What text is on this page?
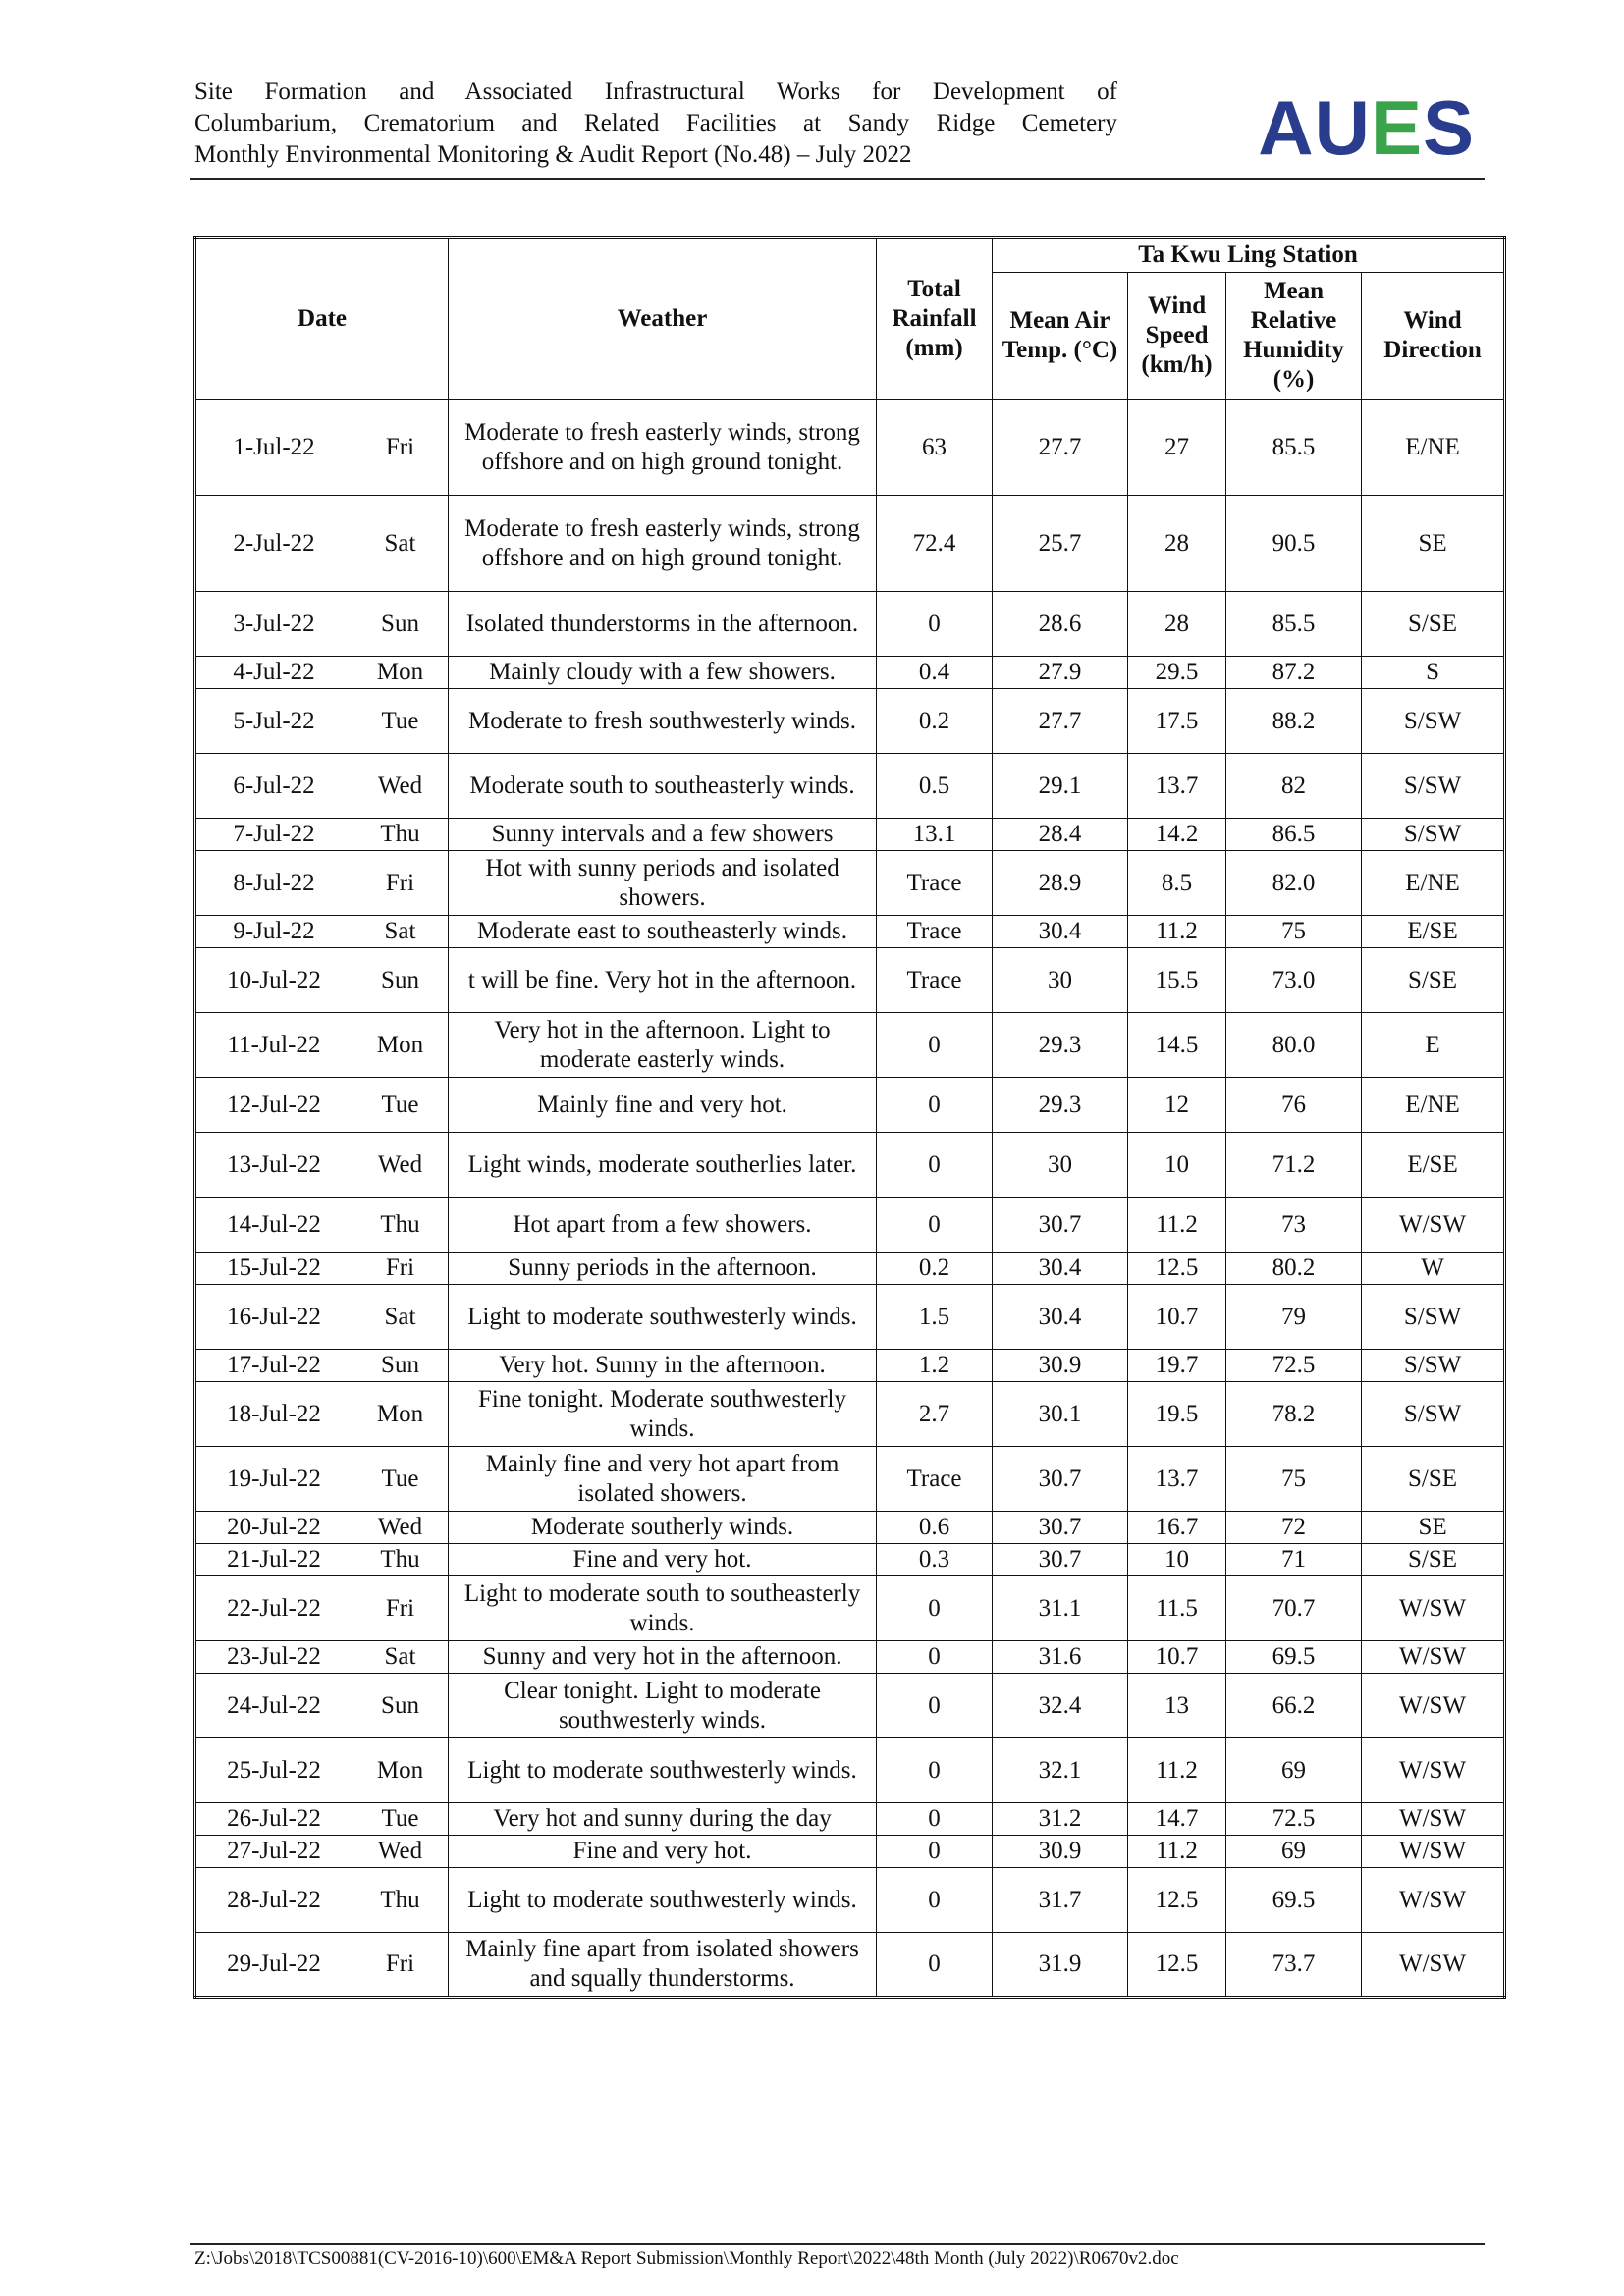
Site Formation and Associated Infrastructural Works for Development of
Columbarium, Crematorium and Related Facilities at Sandy Ridge Cemetery
Monthly Environmental Monitoring & Audit Report (No.48) – July 2022	AUES
Date		Weather	Total Rainfall (mm)	Ta Kwu Ling Station			
				Mean Air Temp. (°C)	Wind Speed (km/h)	Mean Relative Humidity (%)	Wind Direction
1-Jul-22	Fri	Moderate to fresh easterly winds, strong offshore and on high ground tonight.	63	27.7	27	85.5	E/NE
2-Jul-22	Sat	Moderate to fresh easterly winds, strong offshore and on high ground tonight.	72.4	25.7	28	90.5	SE
3-Jul-22	Sun	Isolated thunderstorms in the afternoon.	0	28.6	28	85.5	S/SE
4-Jul-22	Mon	Mainly cloudy with a few showers.	0.4	27.9	29.5	87.2	S
5-Jul-22	Tue	Moderate to fresh southwesterly winds.	0.2	27.7	17.5	88.2	S/SW
6-Jul-22	Wed	Moderate south to southeasterly winds.	0.5	29.1	13.7	82	S/SW
7-Jul-22	Thu	Sunny intervals and a few showers	13.1	28.4	14.2	86.5	S/SW
8-Jul-22	Fri	Hot with sunny periods and isolated showers.	Trace	28.9	8.5	82.0	E/NE
9-Jul-22	Sat	Moderate east to southeasterly winds.	Trace	30.4	11.2	75	E/SE
10-Jul-22	Sun	t will be fine. Very hot in the afternoon.	Trace	30	15.5	73.0	S/SE
11-Jul-22	Mon	Very hot in the afternoon. Light to moderate easterly winds.	0	29.3	14.5	80.0	E
12-Jul-22	Tue	Mainly fine and very hot.	0	29.3	12	76	E/NE
13-Jul-22	Wed	Light winds, moderate southerlies later.	0	30	10	71.2	E/SE
14-Jul-22	Thu	Hot apart from a few showers.	0	30.7	11.2	73	W/SW
15-Jul-22	Fri	Sunny periods in the afternoon.	0.2	30.4	12.5	80.2	W
16-Jul-22	Sat	Light to moderate southwesterly winds.	1.5	30.4	10.7	79	S/SW
17-Jul-22	Sun	Very hot. Sunny in the afternoon.	1.2	30.9	19.7	72.5	S/SW
18-Jul-22	Mon	Fine tonight. Moderate southwesterly winds.	2.7	30.1	19.5	78.2	S/SW
19-Jul-22	Tue	Mainly fine and very hot apart from isolated showers.	Trace	30.7	13.7	75	S/SE
20-Jul-22	Wed	Moderate southerly winds.	0.6	30.7	16.7	72	SE
21-Jul-22	Thu	Fine and very hot.	0.3	30.7	10	71	S/SE
22-Jul-22	Fri	Light to moderate south to southeasterly winds.	0	31.1	11.5	70.7	W/SW
23-Jul-22	Sat	Sunny and very hot in the afternoon.	0	31.6	10.7	69.5	W/SW
24-Jul-22	Sun	Clear tonight. Light to moderate southwesterly winds.	0	32.4	13	66.2	W/SW
25-Jul-22	Mon	Light to moderate southwesterly winds.	0	32.1	11.2	69	W/SW
26-Jul-22	Tue	Very hot and sunny during the day	0	31.2	14.7	72.5	W/SW
27-Jul-22	Wed	Fine and very hot.	0	30.9	11.2	69	W/SW
28-Jul-22	Thu	Light to moderate southwesterly winds.	0	31.7	12.5	69.5	W/SW
29-Jul-22	Fri	Mainly fine apart from isolated showers and squally thunderstorms.	0	31.9	12.5	73.7	W/SW
Z:\Jobs\2018\TCS00881(CV-2016-10)\600\EM&A Report Submission\Monthly Report\2022\48th Month (July 2022)\R0670v2.doc
